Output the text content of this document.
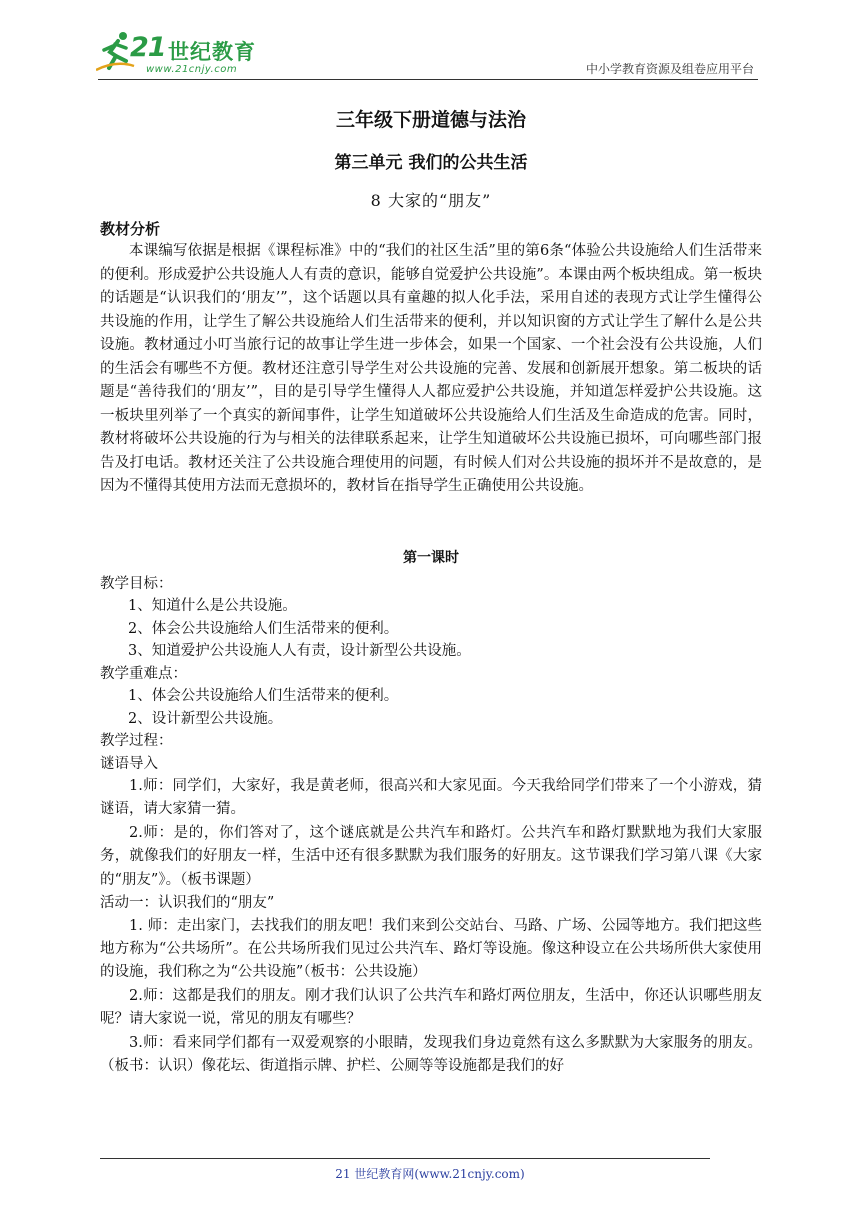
21 世纪教育
www.21cnjy.com	中小学教育资源及组卷应用平台
三年级下册道德与法治
第三单元 我们的公共生活
8 大家的“朋友”
教材分析

本课编写依据是根据《课程标准》中的“我们的社区生活”里的第6条“体验公共设施给人们生活带来的便利。形成爱护公共设施人人有责的意识，能够自觉爱护公共设施”。本课由两个板块组成。第一板块的话题是“认识我们的‘朋友’”，这个话题以具有童趣的拟人化手法，采用自述的表现方式让学生懂得公共设施的作用，让学生了解公共设施给人们生活带来的便利，并以知识窗的方式让学生了解什么是公共设施。教材通过小叮当旅行记的故事让学生进一步体会，如果一个国家、一个社会没有公共设施，人们的生活会有哪些不方便。教材还注意引导学生对公共设施的完善、发展和创新展开想象。第二板块的话题是“善待我们的‘朋友’”，目的是引导学生懂得人人都应爱护公共设施，并知道怎样爱护公共设施。这一板块里列举了一个真实的新闻事件，让学生知道破坏公共设施给人们生活及生命造成的危害。同时，教材将破坏公共设施的行为与相关的法律联系起来，让学生知道破坏公共设施已损坏，可向哪些部门报告及打电话。教材还关注了公共设施合理使用的问题，有时候人们对公共设施的损坏并不是故意的，是因为不懂得其使用方法而无意损坏的，教材旨在指导学生正确使用公共设施。

第一课时

教学目标：

1、知道什么是公共设施。

2、体会公共设施给人们生活带来的便利。

3、知道爱护公共设施人人有责，设计新型公共设施。

教学重难点：

1、体会公共设施给人们生活带来的便利。

2、设计新型公共设施。

教学过程：

谜语导入

1.师：同学们，大家好，我是黄老师，很高兴和大家见面。今天我给同学们带来了一个小游戏，猜谜语，请大家猜一猜。

2.师：是的，你们答对了，这个谜底就是公共汽车和路灯。公共汽车和路灯默默地为我们大家服务，就像我们的好朋友一样，生活中还有很多默默为我们服务的好朋友。这节课我们学习第八课《大家的“朋友”》。（板书课题）

活动一：认识我们的“朋友”

1. 师：走出家门，去找我们的朋友吧！我们来到公交站台、马路、广场、公园等地方。我们把这些地方称为“公共场所”。在公共场所我们见过公共汽车、路灯等设施。像这种设立在公共场所供大家使用的设施，我们称之为“公共设施”（板书：公共设施）

2.师：这都是我们的朋友。刚才我们认识了公共汽车和路灯两位朋友，生活中，你还认识哪些朋友呢？请大家说一说，常见的朋友有哪些？

3.师：看来同学们都有一双爱观察的小眼睛，发现我们身边竟然有这么多默默为大家服务的朋友。（板书：认识）像花坛、街道指示牌、护栏、公厕等等设施都是我们的好

21 世纪教育网(www.21cnjy.com)
